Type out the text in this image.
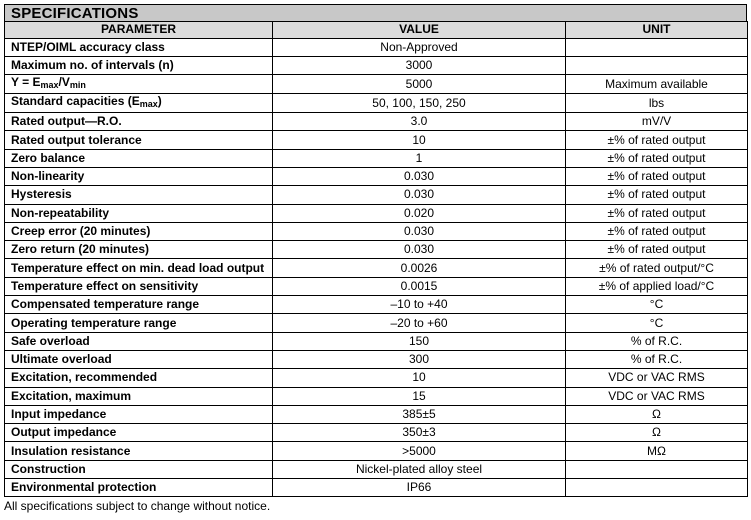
SPECIFICATIONS
PARAMETER	VALUE	UNIT
NTEP/OIML accuracy class	Non-Approved	
Maximum no. of intervals (n)	3000	
$Y = E_{max}/V_{min}$	5000	Maximum available
Standard capacities $(E_{max})$	50, 100, 150, 250	lbs
Rated output—R.O.	3.0	mV/V
Rated output tolerance	10	±% of rated output
Zero balance	1	±% of rated output
Non-linearity	0.030	±% of rated output
Hysteresis	0.030	±% of rated output
Non-repeatability	0.020	±% of rated output
Creep error (20 minutes)	0.030	±% of rated output
Zero return (20 minutes)	0.030	±% of rated output
Temperature effect on min. dead load output	0.0026	±% of rated output/°C
Temperature effect on sensitivity	0.0015	±% of applied load/°C
Compensated temperature range	–10 to +40	°C
Operating temperature range	–20 to +60	°C
Safe overload	150	% of R.C.
Ultimate overload	300	% of R.C.
Excitation, recommended	10	VDC or VAC RMS
Excitation, maximum	15	VDC or VAC RMS
Input impedance	385±5	Ω
Output impedance	350±3	Ω
Insulation resistance	>5000	MΩ
Construction	Nickel-plated alloy steel	
Environmental protection	IP66	
All specifications subject to change without notice.
